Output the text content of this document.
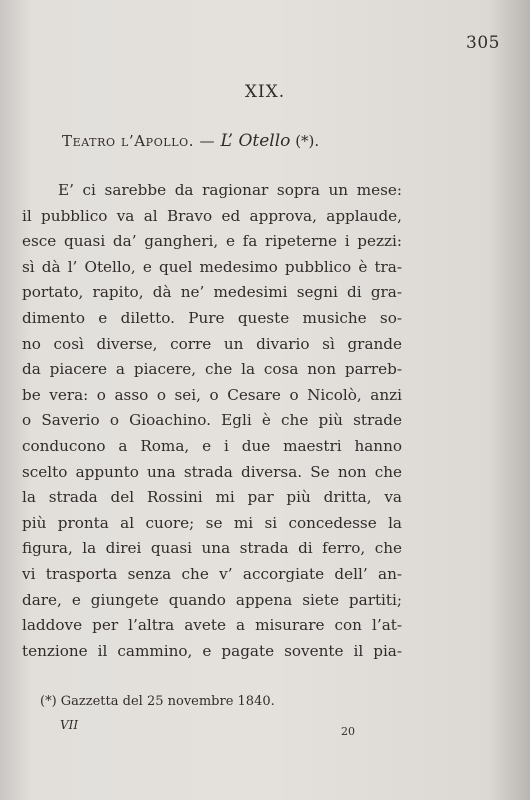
305
XIX.
Teatro l’Apollo. — L’ Otello (*).
E’ ci sarebbe da ragionar sopra un mese:
il pubblico va al Bravo ed approva, applaude,
esce quasi da’ gangheri, e fa ripeterne i pezzi:
sì dà l’ Otello, e quel medesimo pubblico è tra-
portato, rapito, dà ne’ medesimi segni di gra-
dimento e diletto. Pure queste musiche so-
no così diverse, corre un divario sì grande
da piacere a piacere, che la cosa non parreb-
be vera: o asso o sei, o Cesare o Nicolò, anzi
o Saverio o Gioachino. Egli è che più strade
conducono a Roma, e i due maestri hanno
scelto appunto una strada diversa. Se non che
la strada del Rossini mi par più dritta, va
più pronta al cuore; se mi si concedesse la
figura, la direi quasi una strada di ferro, che
vi trasporta senza che v’ accorgiate dell’ an-
dare, e giungete quando appena siete partiti;
laddove per l’altra avete a misurare con l’at-
tenzione il cammino, e pagate sovente il pia-
(*) Gazzetta del 25 novembre 1840.
VII	20
